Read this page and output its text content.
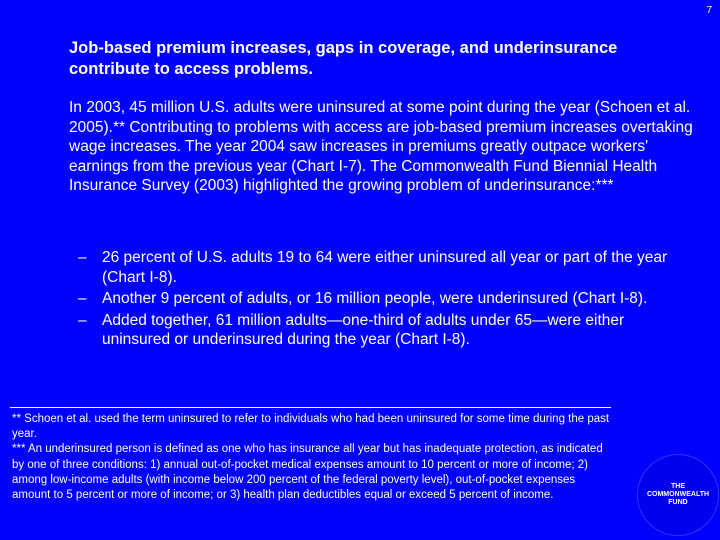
7

Job-based premium increases, gaps in coverage, and underinsurance contribute to access problems.

In 2003, 45 million U.S. adults were uninsured at some point during the year (Schoen et al. 2005).** Contributing to problems with access are job-based premium increases overtaking wage increases. The year 2004 saw increases in premiums greatly outpace workers' earnings from the previous year (Chart I-7). The Commonwealth Fund Biennial Health Insurance Survey (2003) highlighted the growing problem of underinsurance:***

– 26 percent of U.S. adults 19 to 64 were either uninsured all year or part of the year (Chart I-8).
– Another 9 percent of adults, or 16 million people, were underinsured (Chart I-8).
– Added together, 61 million adults—one-third of adults under 65—were either uninsured or underinsured during the year (Chart I-8).

** Schoen et al. used the term uninsured to refer to individuals who had been uninsured for some time during the past year.

*** An underinsured person is defined as one who has insurance all year but has inadequate protection, as indicated by one of three conditions: 1) annual out-of-pocket medical expenses amount to 10 percent or more of income; 2) among low-income adults (with income below 200 percent of the federal poverty level), out-of-pocket expenses amount to 5 percent or more of income; or 3) health plan deductibles equal or exceed 5 percent of income.

THE
COMMONWEALTH
FUND
